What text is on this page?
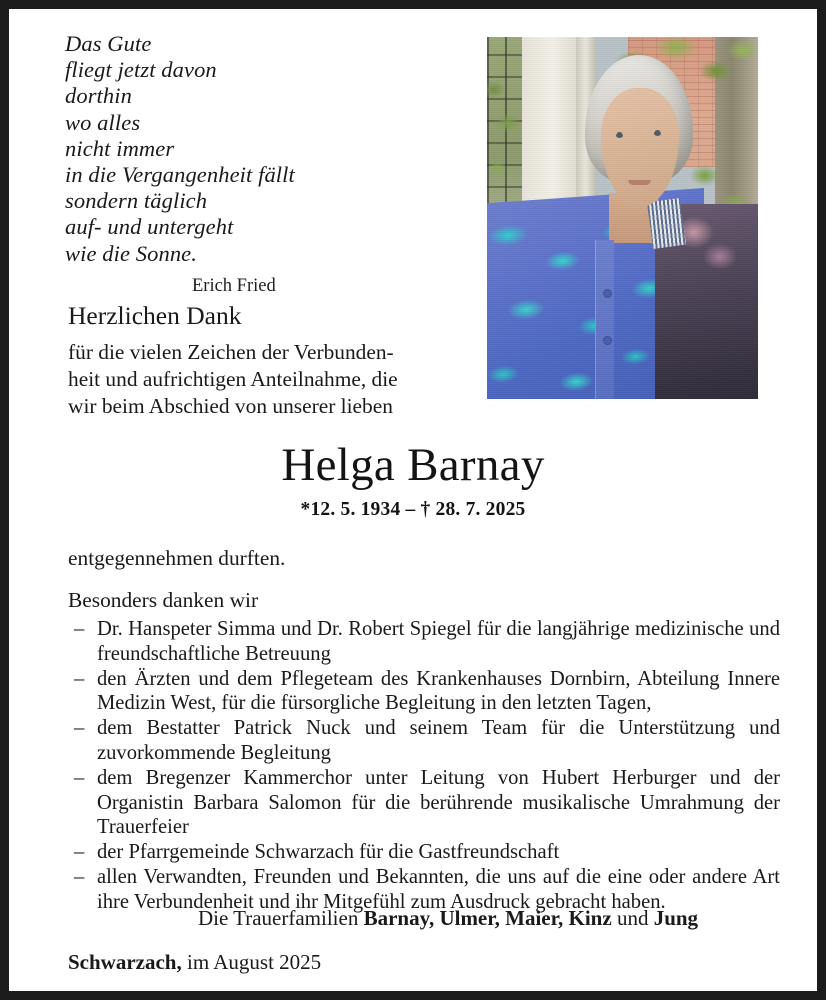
Das Gute
fliegt jetzt davon
dorthin
wo alles
nicht immer
in die Vergangenheit fällt
sondern täglich
auf- und untergeht
wie die Sonne.
Erich Fried
Herzlichen Dank
für die vielen Zeichen der Verbunden-
heit und aufrichtigen Anteilnahme, die
wir beim Abschied von unserer lieben
Helga Barnay
*12. 5. 1934 – † 28. 7. 2025
entgegennehmen durften.
Besonders danken wir
– Dr. Hanspeter Simma und Dr. Robert Spiegel für die langjährige medizinische und freundschaftliche Betreuung
– den Ärzten und dem Pflegeteam des Krankenhauses Dornbirn, Abteilung Innere Medizin West, für die fürsorgliche Begleitung in den letzten Tagen,
– dem Bestatter Patrick Nuck und seinem Team für die Unterstützung und zuvorkommende Begleitung
– dem Bregenzer Kammerchor unter Leitung von Hubert Herburger und der Organistin Barbara Salomon für die berührende musikalische Umrahmung der Trauerfeier
– der Pfarrgemeinde Schwarzach für die Gastfreundschaft
– allen Verwandten, Freunden und Bekannten, die uns auf die eine oder andere Art ihre Verbundenheit und ihr Mitgefühl zum Ausdruck gebracht haben.
Die Trauerfamilien Barnay, Ulmer, Maier, Kinz und Jung
Schwarzach, im August 2025
